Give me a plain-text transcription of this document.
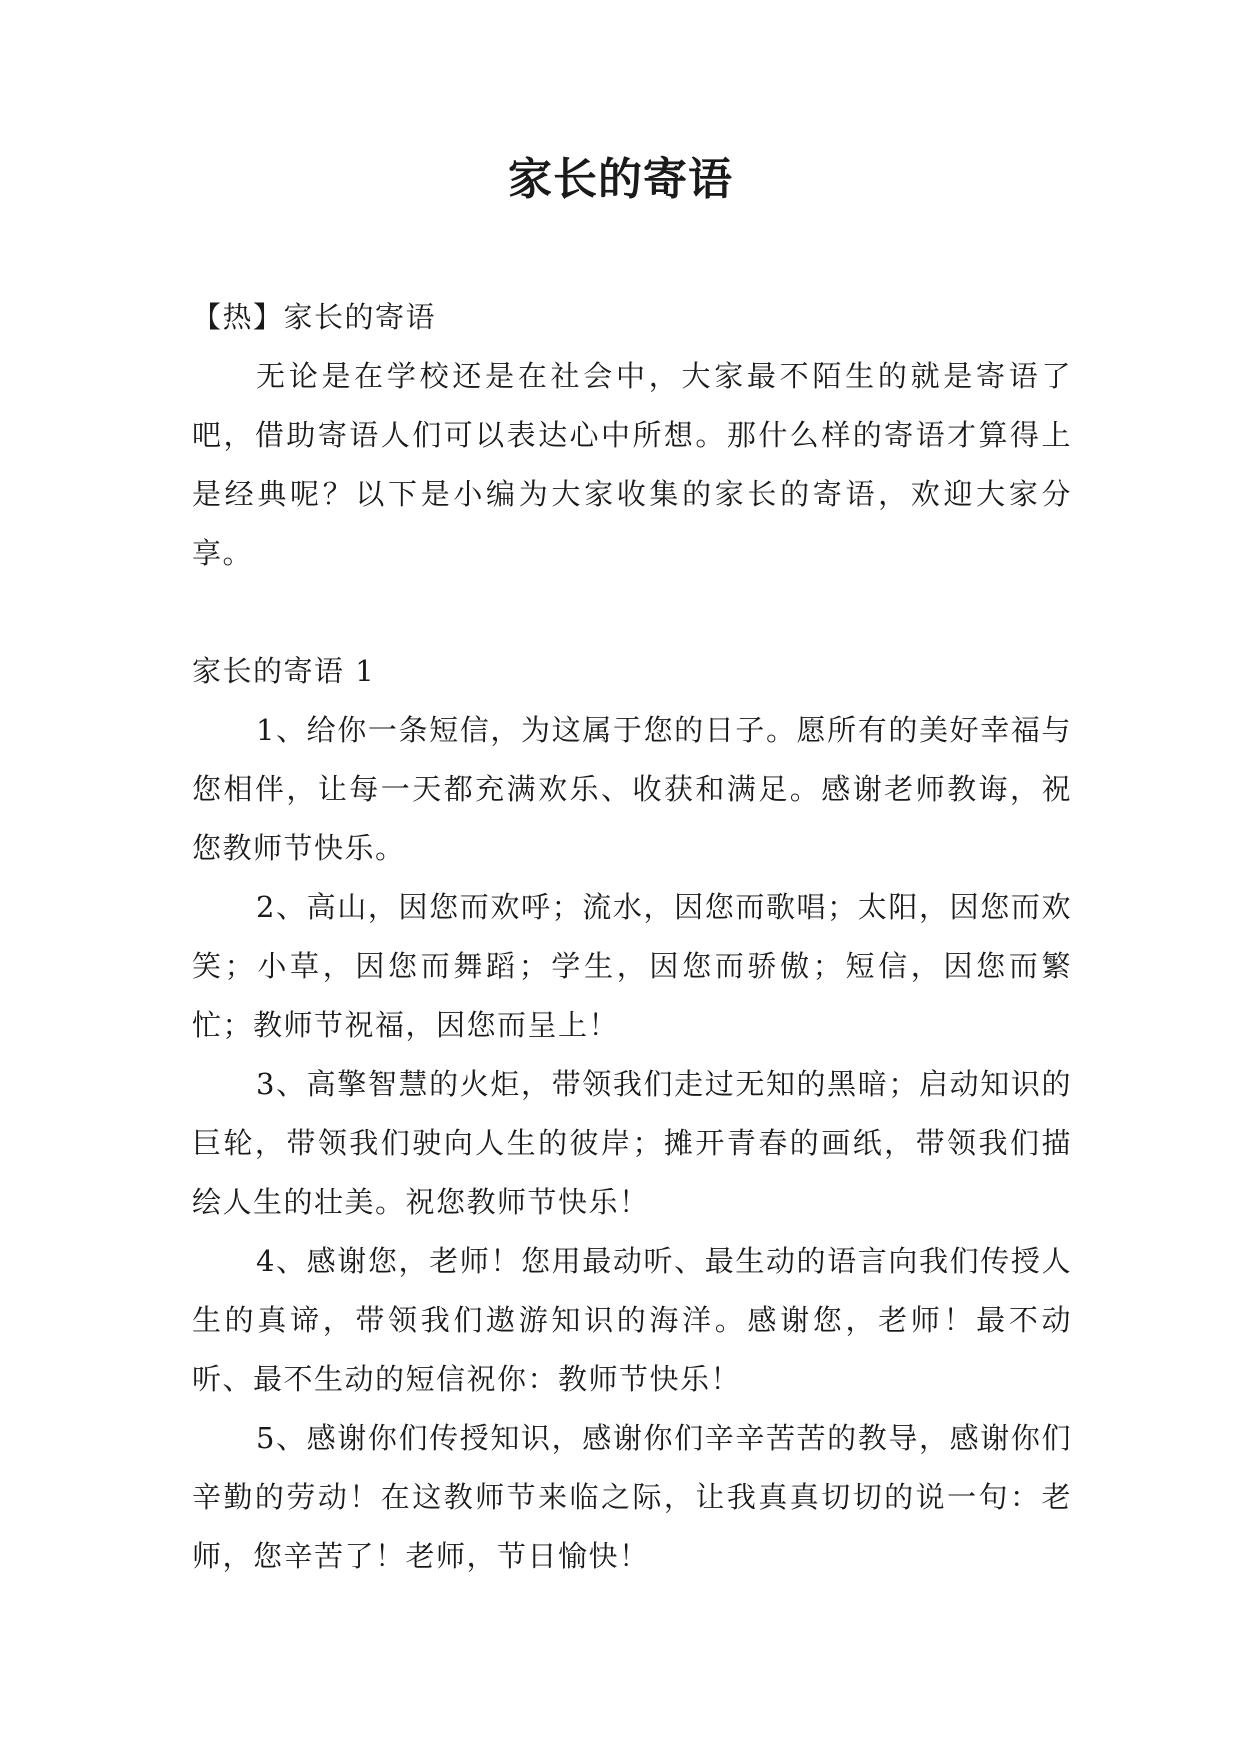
家长的寄语

【热】家长的寄语

无论是在学校还是在社会中，大家最不陌生的就是寄语了吧，借助寄语人们可以表达心中所想。那什么样的寄语才算得上是经典呢？以下是小编为大家收集的家长的寄语，欢迎大家分享。

家长的寄语 1

1、给你一条短信，为这属于您的日子。愿所有的美好幸福与您相伴，让每一天都充满欢乐、收获和满足。感谢老师教诲，祝您教师节快乐。

2、高山，因您而欢呼；流水，因您而歌唱；太阳，因您而欢笑；小草，因您而舞蹈；学生，因您而骄傲；短信，因您而繁忙；教师节祝福，因您而呈上！

3、高擎智慧的火炬，带领我们走过无知的黑暗；启动知识的巨轮，带领我们驶向人生的彼岸；摊开青春的画纸，带领我们描绘人生的壮美。祝您教师节快乐！

4、感谢您，老师！您用最动听、最生动的语言向我们传授人生的真谛，带领我们遨游知识的海洋。感谢您，老师！最不动听、最不生动的短信祝你：教师节快乐！

5、感谢你们传授知识，感谢你们辛辛苦苦的教导，感谢你们辛勤的劳动！在这教师节来临之际，让我真真切切的说一句：老师，您辛苦了！老师，节日愉快！
